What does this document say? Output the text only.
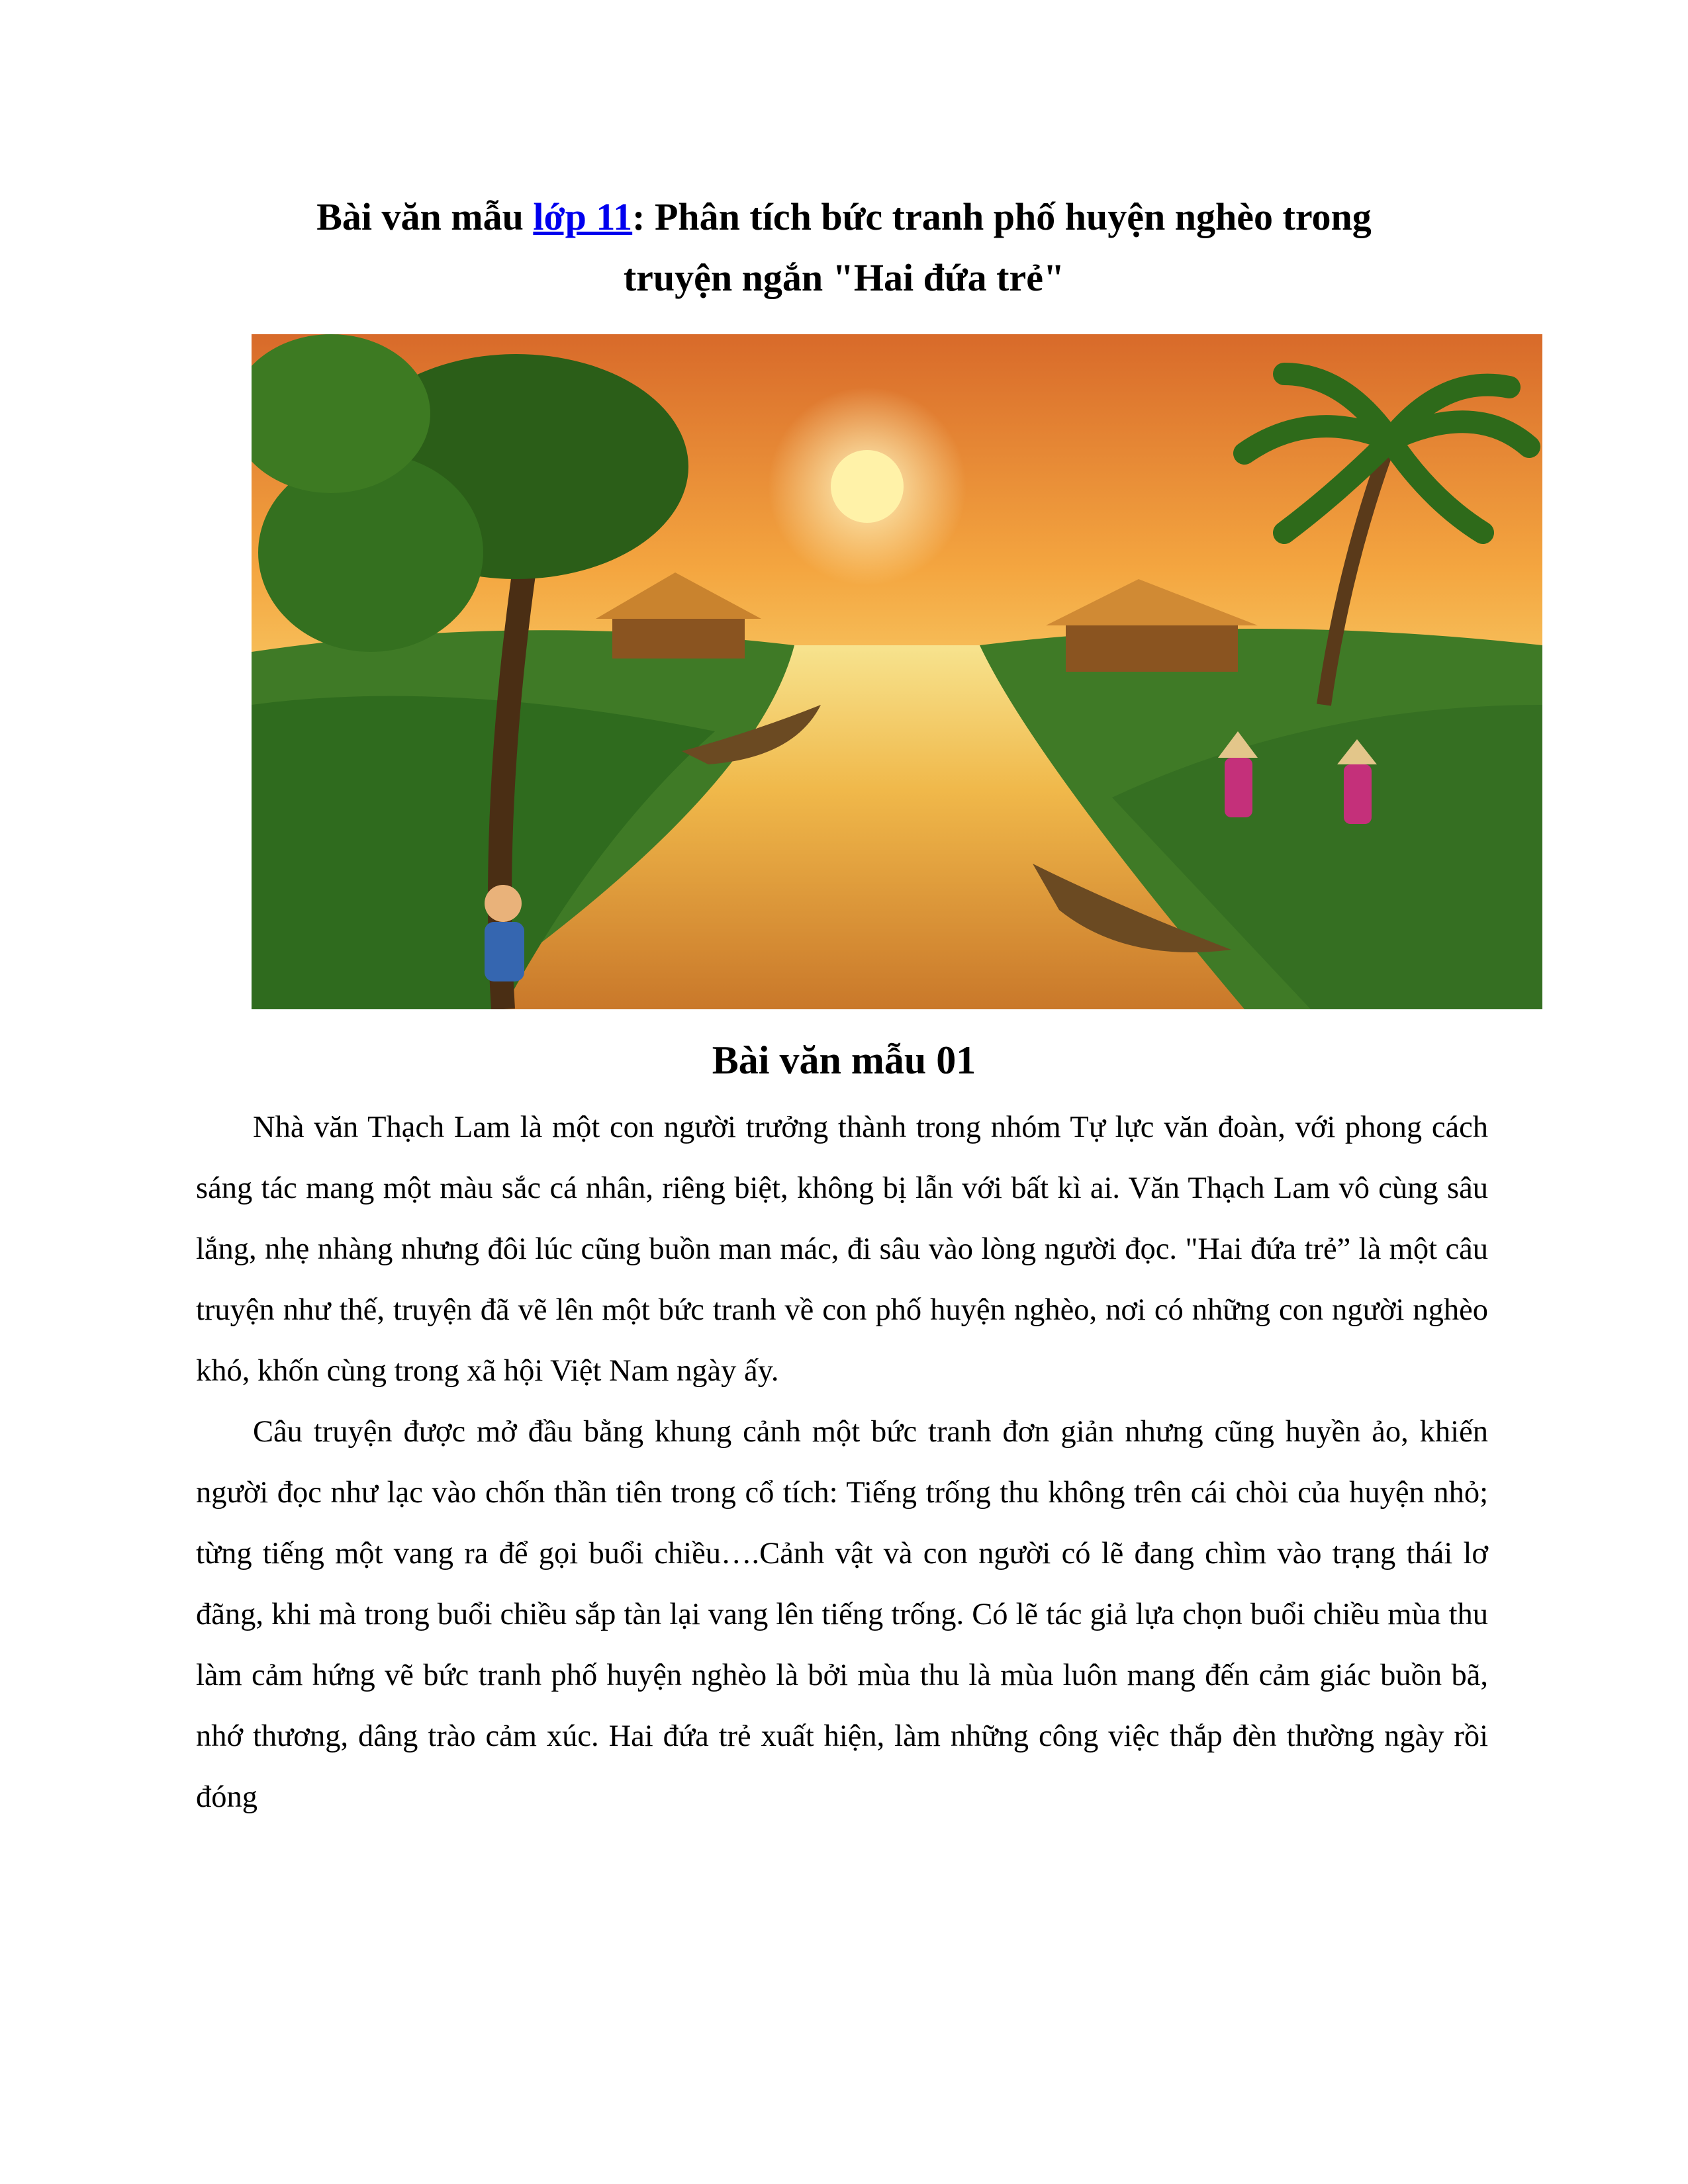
Bài văn mẫu lớp 11: Phân tích bức tranh phố huyện nghèo trong
truyện ngắn "Hai đứa trẻ"
Bài văn mẫu 01

Nhà văn Thạch Lam là một con người trưởng thành trong nhóm Tự lực văn đoàn, với phong cách sáng tác mang một màu sắc cá nhân, riêng biệt, không bị lẫn với bất kì ai. Văn Thạch Lam vô cùng sâu lắng, nhẹ nhàng nhưng đôi lúc cũng buồn man mác, đi sâu vào lòng người đọc. "Hai đứa trẻ” là một câu truyện như thế, truyện đã vẽ lên một bức tranh về con phố huyện nghèo, nơi có những con người nghèo khó, khốn cùng trong xã hội Việt Nam ngày ấy.

Câu truyện được mở đầu bằng khung cảnh một bức tranh đơn giản nhưng cũng huyền ảo, khiến người đọc như lạc vào chốn thần tiên trong cổ tích: Tiếng trống thu không trên cái chòi của huyện nhỏ; từng tiếng một vang ra để gọi buổi chiều….Cảnh vật và con người có lẽ đang chìm vào trạng thái lơ đãng, khi mà trong buổi chiều sắp tàn lại vang lên tiếng trống. Có lẽ tác giả lựa chọn buổi chiều mùa thu làm cảm hứng vẽ bức tranh phố huyện nghèo là bởi mùa thu là mùa luôn mang đến cảm giác buồn bã, nhớ thương, dâng trào cảm xúc. Hai đứa trẻ xuất hiện, làm những công việc thắp đèn thường ngày rồi đóng
